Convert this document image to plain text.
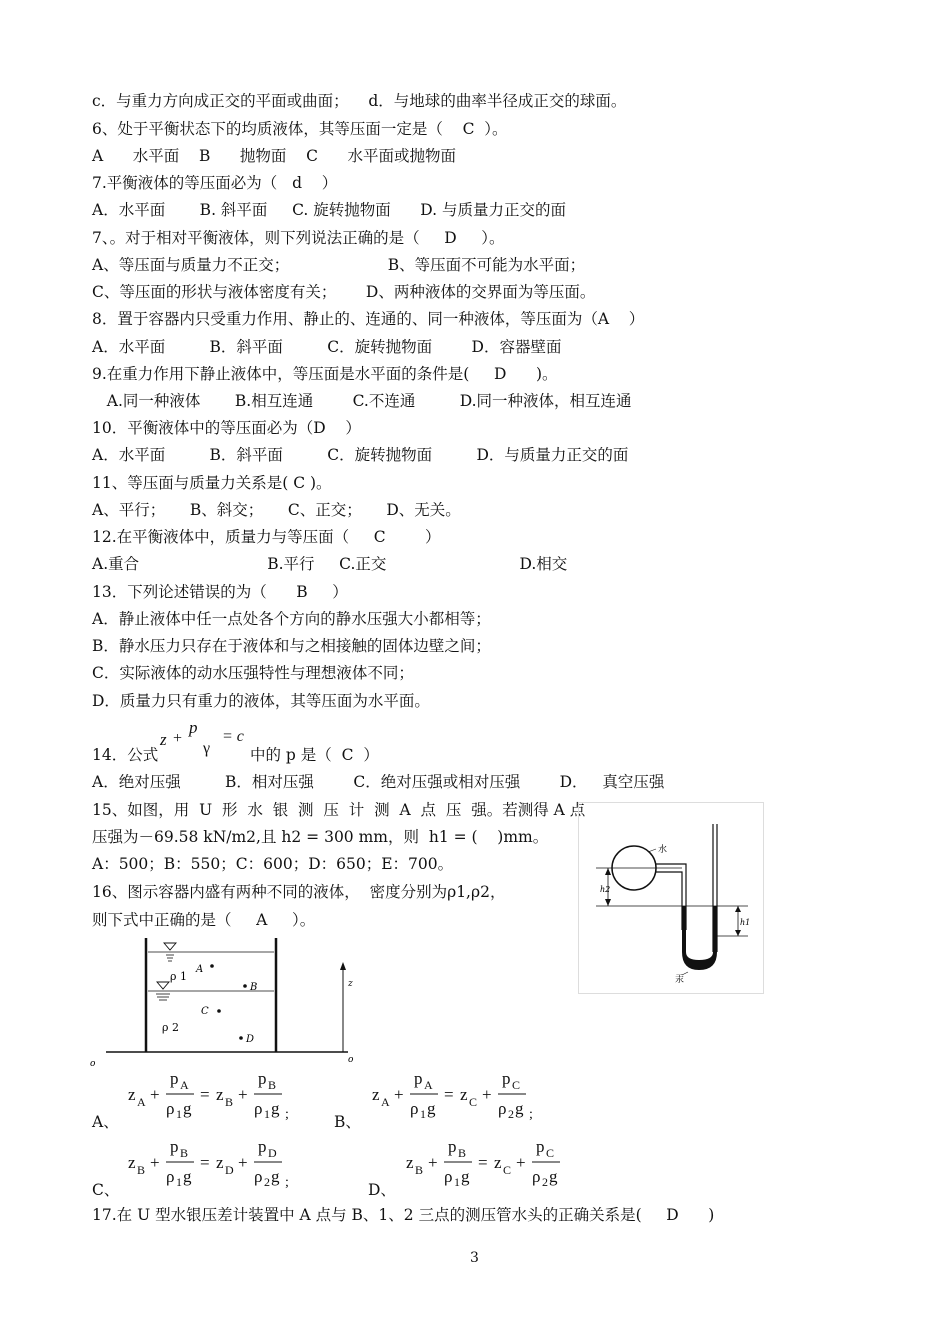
c．与重力方向成正交的平面或曲面；    d．与地球的曲率半径成正交的球面。
6、处于平衡状态下的均质液体，其等压面一定是（    C  ）。
A      水平面    B      抛物面    C      水平面或抛物面
7.平衡液体的等压面必为（   d    ）
A．水平面       B. 斜平面     C. 旋转抛物面      D. 与质量力正交的面
7、。对于相对平衡液体，则下列说法正确的是（     D     ）。
A、等压面与质量力不正交；                    B、等压面不可能为水平面；
C、等压面的形状与液体密度有关；      D、两种液体的交界面为等压面。
8．置于容器内只受重力作用、静止的、连通的、同一种液体，等压面为（A    ）
A．水平面         B．斜平面         C．旋转抛物面        D．容器壁面
9.在重力作用下静止液体中，等压面是水平面的条件是(     D      )。
A.同一种液体       B.相互连通        C.不连通         D.同一种液体，相互连通
10．平衡液体中的等压面必为（D    ）
A．水平面         B．斜平面         C．旋转抛物面         D．与质量力正交的面
11、等压面与质量力关系是( C )。
A、平行；     B、斜交；     C、正交；     D、无关。
12.在平衡液体中，质量力与等压面（     C        ）
A.重合                          B.平行     C.正交                           D.相交
13．下列论述错误的为（      B     ）
A．静止液体中任一点处各个方向的静水压强大小都相等；
B．静水压力只存在于液体和与之相接触的固体边壁之间；
C．实际液体的动水压强特性与理想液体不同；
D．质量力只有重力的液体，其等压面为水平面。
14．公式
z +
p
γ
= c
中的 p 是（  C  ）
A．绝对压强         B．相对压强        C．绝对压强或相对压强        D．   真空压强
15、如图，用  U  形  水  银  测  压  计  测  A  点  压  强。若测得 A 点
压强为－69.58 kN/m2,且 h2 = 300 mm，则  h1 = (    )mm。
A：500；B：550；C：600；D：650；E：700。
16、图示容器内盛有两种不同的液体，  密度分别为ρ1,ρ2，
则下式中正确的是（     A     ）。
水
汞
h2
h1
A
B
C
D
ρ 1
ρ 2
z
o	o
A、
z A +
p A
ρ 1 g
= z B +
p B
ρ 1 g ;	B、
z A +
p A
ρ 1 g
= z C +
p C
ρ 2 g ;
C、
z B +
p B
ρ 1 g
= z D +
p D
ρ 2 g ;	D、
z B +
p B
ρ 1 g
= z C +
p C
ρ 2 g
17.在 U 型水银压差计装置中 A 点与 B、1、2 三点的测压管水头的正确关系是(     D      )
3
